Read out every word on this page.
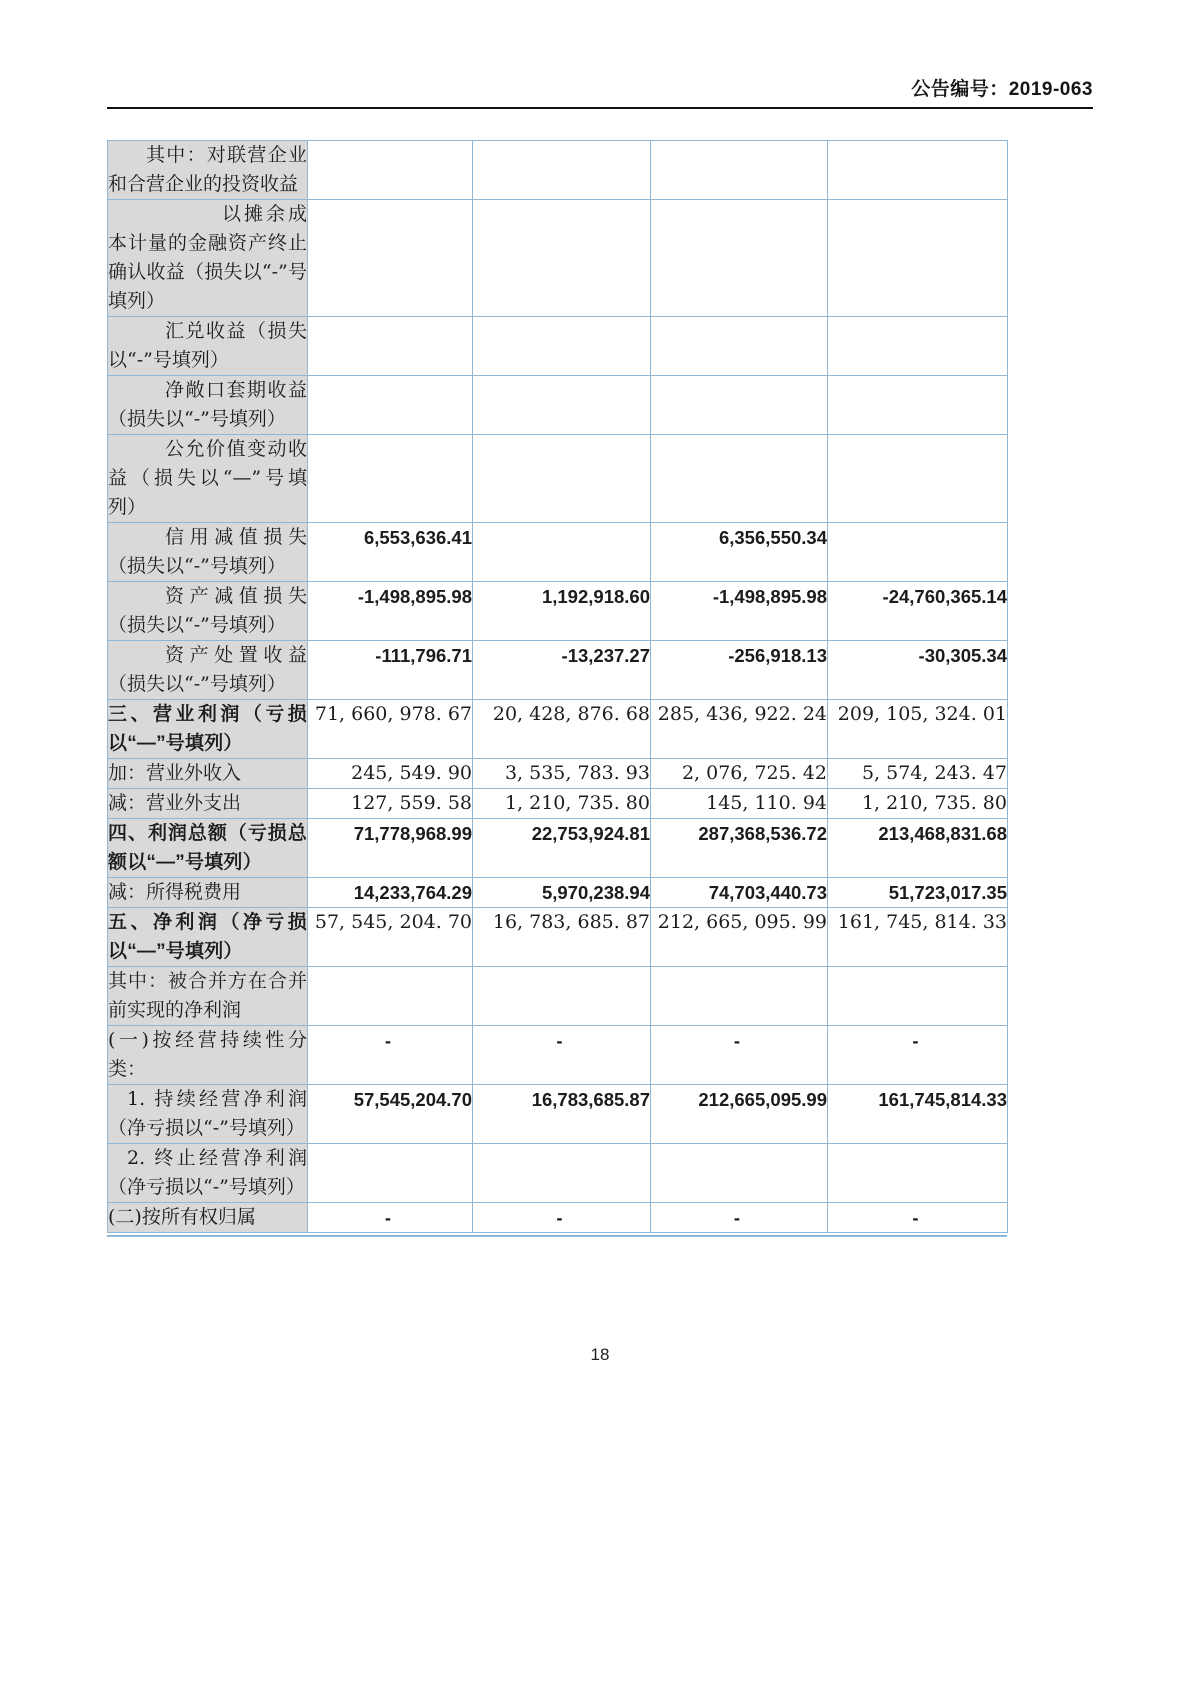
公告编号：2019-063
其中：对联营企业和合营企业的投资收益				
以摊余成本计量的金融资产终止确认收益（损失以“-”号填列）				
汇兑收益（损失以“-”号填列）				
净敞口套期收益（损失以“-”号填列）				
公允价值变动收益（损失以“—”号填列）				
信用减值损失（损失以“-”号填列）	6,553,636.41		6,356,550.34	
资产减值损失（损失以“-”号填列）	-1,498,895.98	1,192,918.60	-1,498,895.98	-24,760,365.14
资产处置收益（损失以“-”号填列）	-111,796.71	-13,237.27	-256,918.13	-30,305.34
三、营业利润（亏损以“—”号填列）	71, 660, 978. 67	20, 428, 876. 68	285, 436, 922. 24	209, 105, 324. 01
加：营业外收入	245, 549. 90	3, 535, 783. 93	2, 076, 725. 42	5, 574, 243. 47
减：营业外支出	127, 559. 58	1, 210, 735. 80	145, 110. 94	1, 210, 735. 80
四、利润总额（亏损总额以“—”号填列）	71,778,968.99	22,753,924.81	287,368,536.72	213,468,831.68
减：所得税费用	14,233,764.29	5,970,238.94	74,703,440.73	51,723,017.35
五、净利润（净亏损以“—”号填列）	57, 545, 204. 70	16, 783, 685. 87	212, 665, 095. 99	161, 745, 814. 33
其中：被合并方在合并前实现的净利润				
(一)按经营持续性分类：	-	-	-	-
1. 持续经营净利润（净亏损以“-”号填列）	57,545,204.70	16,783,685.87	212,665,095.99	161,745,814.33
2. 终止经营净利润（净亏损以“-”号填列）				
(二)按所有权归属	-	-	-	-
18
